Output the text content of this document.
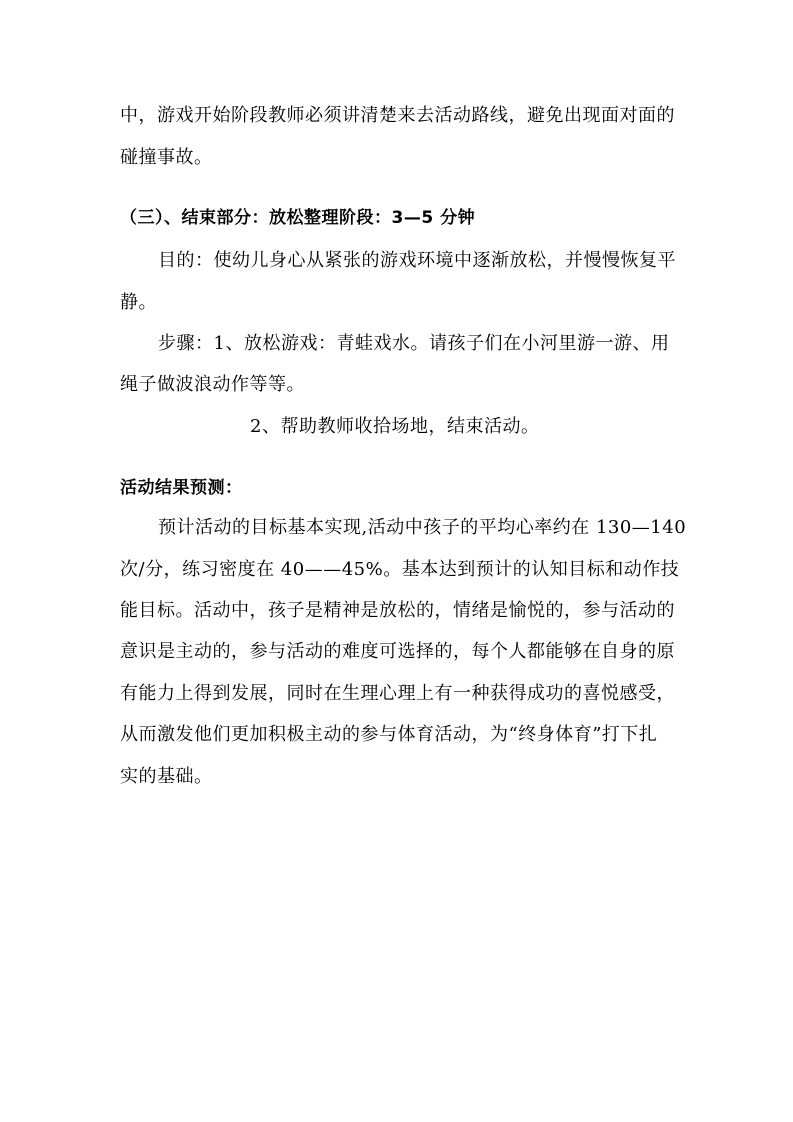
中，游戏开始阶段教师必须讲清楚来去活动路线，避免出现面对面的
碰撞事故。
（三）、结束部分：放松整理阶段：3—5 分钟
目的：使幼儿身心从紧张的游戏环境中逐渐放松，并慢慢恢复平
静。
步骤：1、放松游戏：青蛙戏水。请孩子们在小河里游一游、用
绳子做波浪动作等等。
2、帮助教师收拾场地，结束活动。
活动结果预测：
预计活动的目标基本实现,活动中孩子的平均心率约在 130—140
次/分，练习密度在 40——45%。基本达到预计的认知目标和动作技
能目标。活动中，孩子是精神是放松的，情绪是愉悦的，参与活动的
意识是主动的，参与活动的难度可选择的，每个人都能够在自身的原
有能力上得到发展，同时在生理心理上有一种获得成功的喜悦感受，
从而激发他们更加积极主动的参与体育活动，为“终身体育”打下扎
实的基础。
